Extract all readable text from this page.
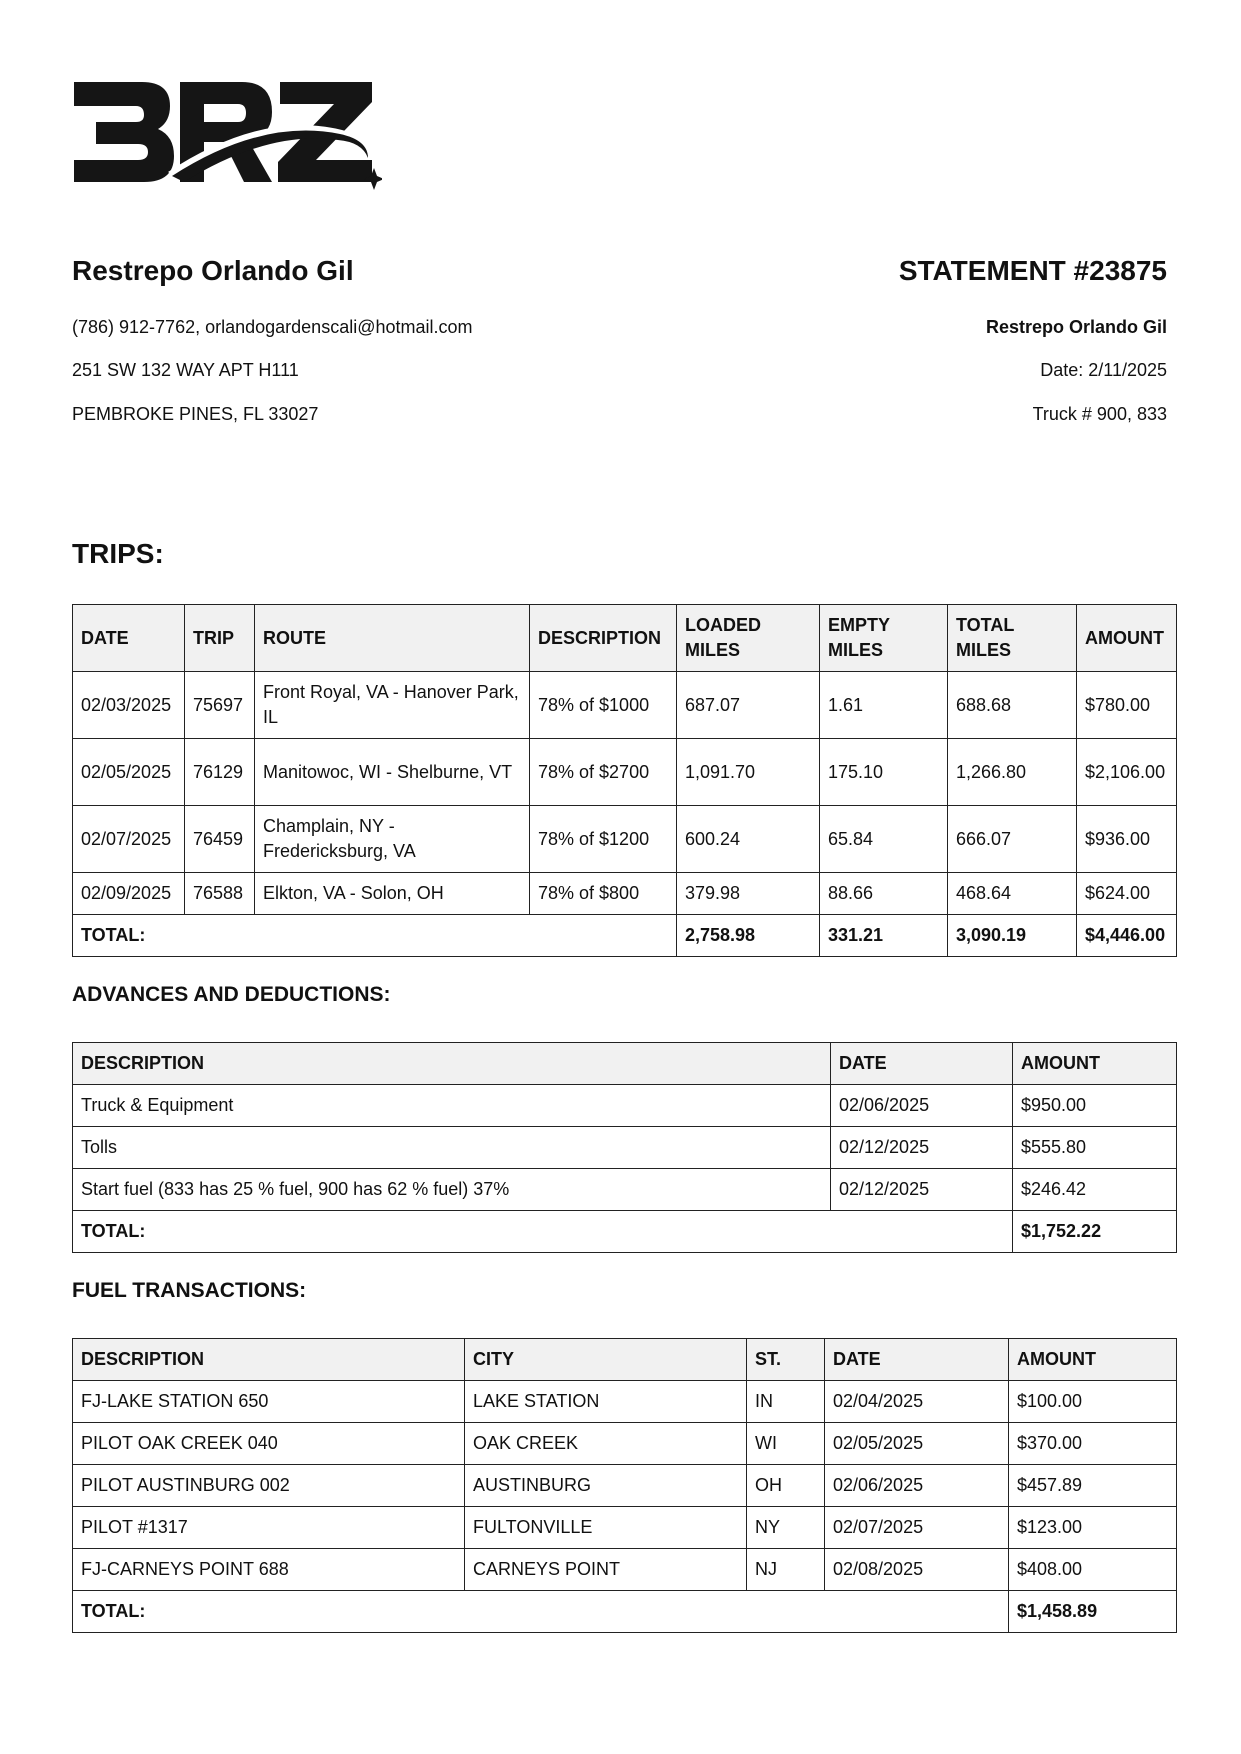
Restrepo Orlando Gil

(786) 912-7762, orlandogardenscali@hotmail.com

251 SW 132 WAY APT H111

PEMBROKE PINES, FL 33027

STATEMENT #23875

Restrepo Orlando Gil

Date: 2/11/2025

Truck # 900, 833

TRIPS:
DATE	TRIP	ROUTE	DESCRIPTION	LOADED MILES	EMPTY MILES	TOTAL MILES	AMOUNT
02/03/2025	75697	Front Royal, VA - Hanover Park, IL	78% of $1000	687.07	1.61	688.68	$780.00
02/05/2025	76129	Manitowoc, WI - Shelburne, VT	78% of $2700	1,091.70	175.10	1,266.80	$2,106.00
02/07/2025	76459	Champlain, NY - Fredericksburg, VA	78% of $1200	600.24	65.84	666.07	$936.00
02/09/2025	76588	Elkton, VA - Solon, OH	78% of $800	379.98	88.66	468.64	$624.00
TOTAL:				2,758.98	331.21	3,090.19	$4,446.00
ADVANCES AND DEDUCTIONS:
DESCRIPTION	DATE	AMOUNT
Truck & Equipment	02/06/2025	$950.00
Tolls	02/12/2025	$555.80
Start fuel (833 has 25 % fuel, 900 has 62 % fuel) 37%	02/12/2025	$246.42
TOTAL:		$1,752.22
FUEL TRANSACTIONS:
DESCRIPTION	CITY	ST.	DATE	AMOUNT
FJ-LAKE STATION 650	LAKE STATION	IN	02/04/2025	$100.00
PILOT OAK CREEK 040	OAK CREEK	WI	02/05/2025	$370.00
PILOT AUSTINBURG 002	AUSTINBURG	OH	02/06/2025	$457.89
PILOT #1317	FULTONVILLE	NY	02/07/2025	$123.00
FJ-CARNEYS POINT 688	CARNEYS POINT	NJ	02/08/2025	$408.00
TOTAL:				$1,458.89
